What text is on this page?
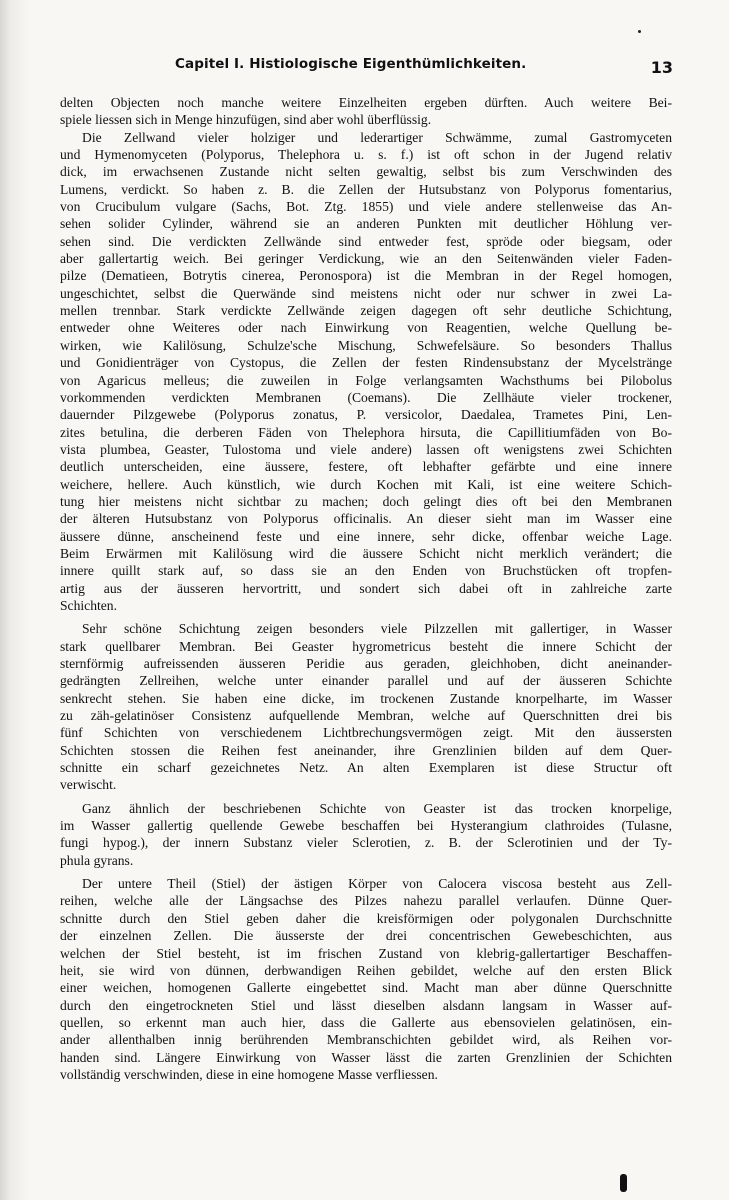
Capitel I. Histiologische Eigenthümlichkeiten.	13
delten Objecten noch manche weitere Einzelheiten ergeben dürften. Auch weitere Bei-
spiele liessen sich in Menge hinzufügen, sind aber wohl überflüssig.
Die Zellwand vieler holziger und lederartiger Schwämme, zumal Gastromyceten
und Hymenomyceten (Polyporus, Thelephora u. s. f.) ist oft schon in der Jugend relativ
dick, im erwachsenen Zustande nicht selten gewaltig, selbst bis zum Verschwinden des
Lumens, verdickt. So haben z. B. die Zellen der Hutsubstanz von Polyporus fomentarius,
von Crucibulum vulgare (Sachs, Bot. Ztg. 1855) und viele andere stellenweise das An-
sehen solider Cylinder, während sie an anderen Punkten mit deutlicher Höhlung ver-
sehen sind. Die verdickten Zellwände sind entweder fest, spröde oder biegsam, oder
aber gallertartig weich. Bei geringer Verdickung, wie an den Seitenwänden vieler Faden-
pilze (Dematieen, Botrytis cinerea, Peronospora) ist die Membran in der Regel homogen,
ungeschichtet, selbst die Querwände sind meistens nicht oder nur schwer in zwei La-
mellen trennbar. Stark verdickte Zellwände zeigen dagegen oft sehr deutliche Schichtung,
entweder ohne Weiteres oder nach Einwirkung von Reagentien, welche Quellung be-
wirken, wie Kalilösung, Schulze'sche Mischung, Schwefelsäure. So besonders Thallus
und Gonidienträger von Cystopus, die Zellen der festen Rindensubstanz der Mycelstränge
von Agaricus melleus; die zuweilen in Folge verlangsamten Wachsthums bei Pilobolus
vorkommenden verdickten Membranen (Coemans). Die Zellhäute vieler trockener,
dauernder Pilzgewebe (Polyporus zonatus, P. versicolor, Daedalea, Trametes Pini, Len-
zites betulina, die derberen Fäden von Thelephora hirsuta, die Capillitiumfäden von Bo-
vista plumbea, Geaster, Tulostoma und viele andere) lassen oft wenigstens zwei Schichten
deutlich unterscheiden, eine äussere, festere, oft lebhafter gefärbte und eine innere
weichere, hellere. Auch künstlich, wie durch Kochen mit Kali, ist eine weitere Schich-
tung hier meistens nicht sichtbar zu machen; doch gelingt dies oft bei den Membranen
der älteren Hutsubstanz von Polyporus officinalis. An dieser sieht man im Wasser eine
äussere dünne, anscheinend feste und eine innere, sehr dicke, offenbar weiche Lage.
Beim Erwärmen mit Kalilösung wird die äussere Schicht nicht merklich verändert; die
innere quillt stark auf, so dass sie an den Enden von Bruchstücken oft tropfen-
artig aus der äusseren hervortritt, und sondert sich dabei oft in zahlreiche zarte
Schichten.
Sehr schöne Schichtung zeigen besonders viele Pilzzellen mit gallertiger, in Wasser
stark quellbarer Membran. Bei Geaster hygrometricus besteht die innere Schicht der
sternförmig aufreissenden äusseren Peridie aus geraden, gleichhoben, dicht aneinander-
gedrängten Zellreihen, welche unter einander parallel und auf der äusseren Schichte
senkrecht stehen. Sie haben eine dicke, im trockenen Zustande knorpelharte, im Wasser
zu zäh-gelatinöser Consistenz aufquellende Membran, welche auf Querschnitten drei bis
fünf Schichten von verschiedenem Lichtbrechungsvermögen zeigt. Mit den äussersten
Schichten stossen die Reihen fest aneinander, ihre Grenzlinien bilden auf dem Quer-
schnitte ein scharf gezeichnetes Netz. An alten Exemplaren ist diese Structur oft
verwischt.
Ganz ähnlich der beschriebenen Schichte von Geaster ist das trocken knorpelige,
im Wasser gallertig quellende Gewebe beschaffen bei Hysterangium clathroides (Tulasne,
fungi hypog.), der innern Substanz vieler Sclerotien, z. B. der Sclerotinien und der Ty-
phula gyrans.
Der untere Theil (Stiel) der ästigen Körper von Calocera viscosa besteht aus Zell-
reihen, welche alle der Längsachse des Pilzes nahezu parallel verlaufen. Dünne Quer-
schnitte durch den Stiel geben daher die kreisförmigen oder polygonalen Durchschnitte
der einzelnen Zellen. Die äusserste der drei concentrischen Gewebeschichten, aus
welchen der Stiel besteht, ist im frischen Zustand von klebrig-gallertartiger Beschaffen-
heit, sie wird von dünnen, derbwandigen Reihen gebildet, welche auf den ersten Blick
einer weichen, homogenen Gallerte eingebettet sind. Macht man aber dünne Querschnitte
durch den eingetrockneten Stiel und lässt dieselben alsdann langsam in Wasser auf-
quellen, so erkennt man auch hier, dass die Gallerte aus ebensovielen gelatinösen, ein-
ander allenthalben innig berührenden Membranschichten gebildet wird, als Reihen vor-
handen sind. Längere Einwirkung von Wasser lässt die zarten Grenzlinien der Schichten
vollständig verschwinden, diese in eine homogene Masse verfliessen.
